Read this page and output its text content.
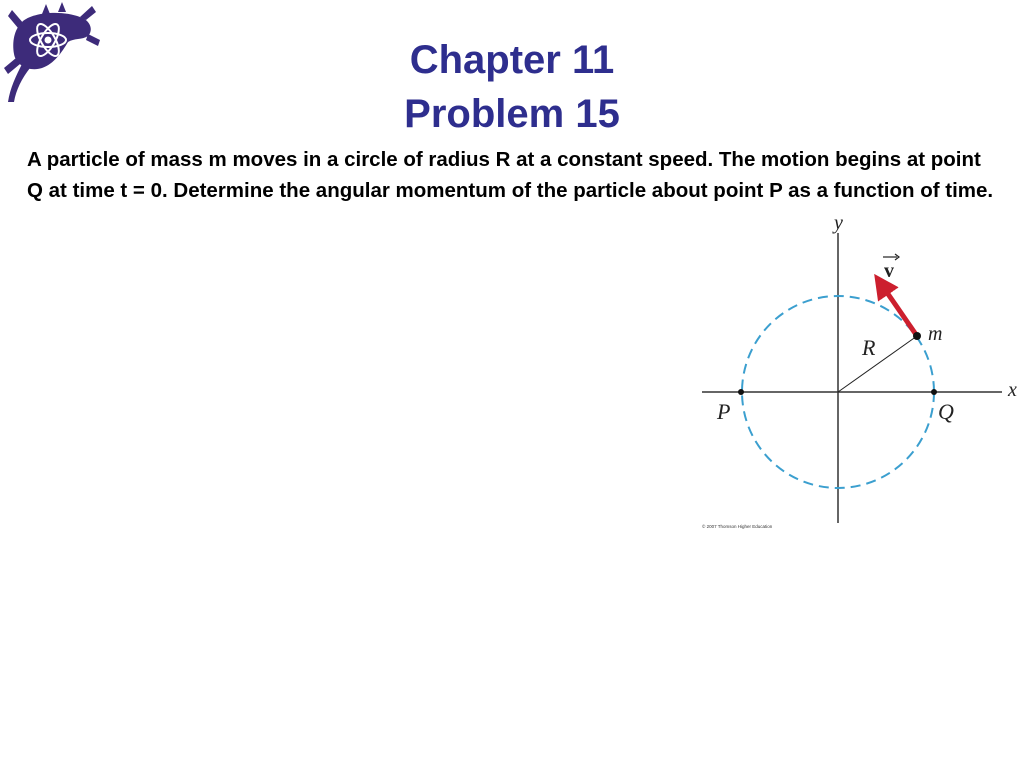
Chapter 11
Problem 15

A particle of mass m moves in a circle of radius R at a constant speed. The motion begins at point Q at time t = 0. Determine the angular momentum of the particle about point P as a function of time.

y
x
v
m
R
P	Q
© 2007 Thomson Higher Education
